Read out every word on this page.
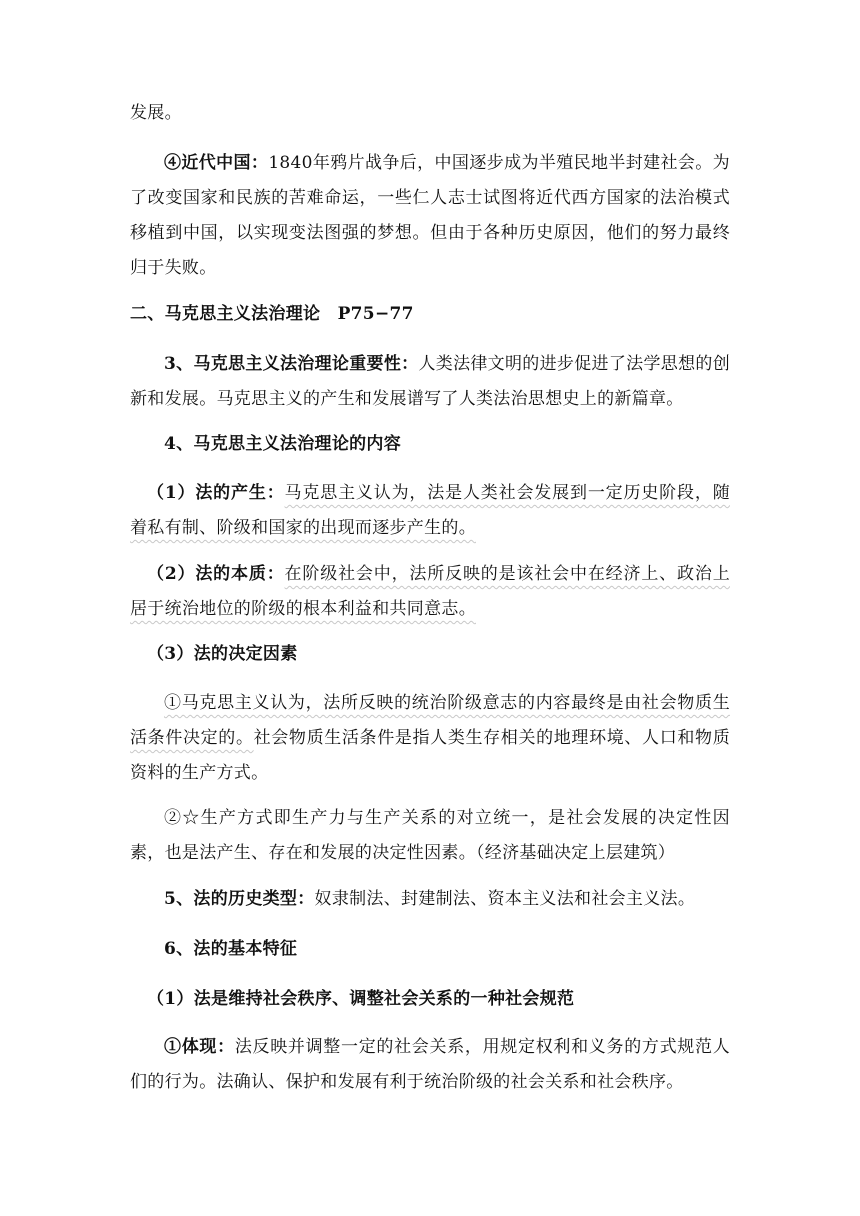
发展。

④近代中国：1840年鸦片战争后，中国逐步成为半殖民地半封建社会。为了改变国家和民族的苦难命运，一些仁人志士试图将近代西方国家的法治模式移植到中国，以实现变法图强的梦想。但由于各种历史原因，他们的努力最终归于失败。

二、马克思主义法治理论　P75−77

3、马克思主义法治理论重要性：人类法律文明的进步促进了法学思想的创新和发展。马克思主义的产生和发展谱写了人类法治思想史上的新篇章。

4、马克思主义法治理论的内容

（1）法的产生：马克思主义认为，法是人类社会发展到一定历史阶段，随着私有制、阶级和国家的出现而逐步产生的。

（2）法的本质：在阶级社会中，法所反映的是该社会中在经济上、政治上居于统治地位的阶级的根本利益和共同意志。

（3）法的决定因素

①马克思主义认为，法所反映的统治阶级意志的内容最终是由社会物质生活条件决定的。社会物质生活条件是指人类生存相关的地理环境、人口和物质资料的生产方式。

②☆生产方式即生产力与生产关系的对立统一，是社会发展的决定性因素，也是法产生、存在和发展的决定性因素。（经济基础决定上层建筑）

5、法的历史类型：奴隶制法、封建制法、资本主义法和社会主义法。

6、法的基本特征

（1）法是维持社会秩序、调整社会关系的一种社会规范

①体现：法反映并调整一定的社会关系，用规定权利和义务的方式规范人们的行为。法确认、保护和发展有利于统治阶级的社会关系和社会秩序。
